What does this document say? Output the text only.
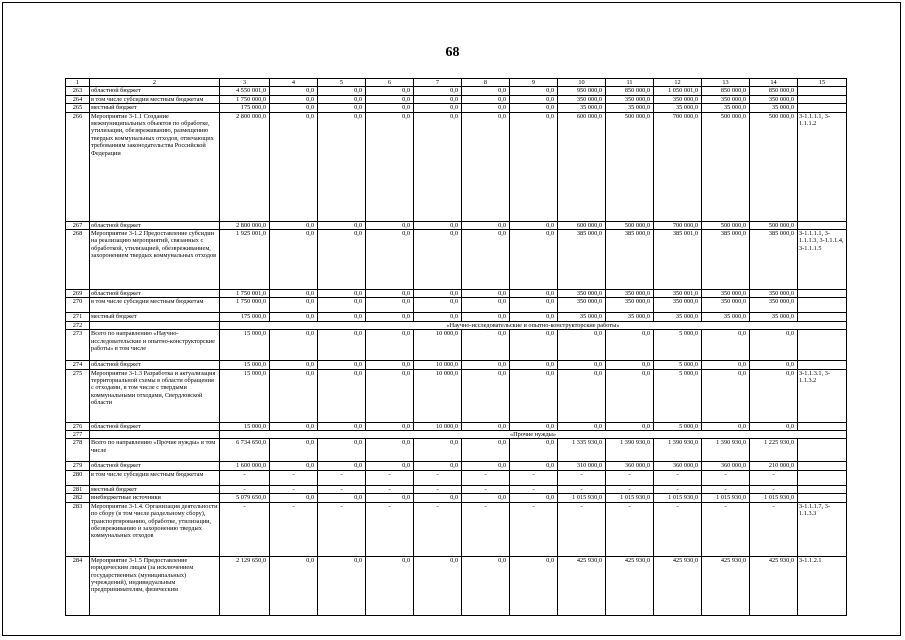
68
1	2	3	4	5	6	7	8	9	10	11	12	13	14	15
263	областной бюджет	4 550 001,0	0,0	0,0	0,0	0,0	0,0	0,0	950 000,0	850 000,0	1 050 001,0	850 000,0	850 000,0	
264	в том числе субсидии местным бюджетам	1 750 000,0	0,0	0,0	0,0	0,0	0,0	0,0	350 000,0	350 000,0	350 000,0	350 000,0	350 000,0	
265	местный бюджет	175 000,0	0,0	0,0	0,0	0,0	0,0	0,0	35 000,0	35 000,0	35 000,0	35 000,0	35 000,0	
266	Мероприятие 3-1.1 Создание межмуниципальных объектов по обработке, утилизации, обезвреживанию, размещению твердых коммунальных отходов, отвечающих требованиям законодательства Российской Федерации	2 800 000,0	0,0	0,0	0,0	0,0	0,0	0,0	600 000,0	500 000,0	700 000,0	500 000,0	500 000,0	3-1.1.1.1, 3-1.1.1.2
267	областной бюджет	2 800 000,0	0,0	0,0	0,0	0,0	0,0	0,0	600 000,0	500 000,0	700 000,0	500 000,0	500 000,0	
268	Мероприятие 3-1.2 Предоставление субсидии на реализацию мероприятий, связанных с обработкой, утилизацией, обезвреживанием, захоронением твердых коммунальных отходов	1 925 001,0	0,0	0,0	0,0	0,0	0,0	0,0	385 000,0	385 000,0	385 001,0	385 000,0	385 000,0	3-1.1.1.1, 3-1.1.1.3, 3-1.1.1.4, 3-1.1.1.5
269	областной бюджет	1 750 001,0	0,0	0,0	0,0	0,0	0,0	0,0	350 000,0	350 000,0	350 001,0	350 000,0	350 000,0	
270	в том числе субсидии местным бюджетам	1 750 000,0	0,0	0,0	0,0	0,0	0,0	0,0	350 000,0	350 000,0	350 000,0	350 000,0	350 000,0	
271	местный бюджет	175 000,0	0,0	0,0	0,0	0,0	0,0	0,0	35 000,0	35 000,0	35 000,0	35 000,0	35 000,0	
272		«Научно-исследовательские и опытно-конструкторские работы»												
273	Всего по направлению «Научно-исследовательские и опытно-конструкторские работы» в том числе	15 000,0	0,0	0,0	0,0	10 000,0	0,0	0,0	0,0	0,0	5 000,0	0,0	0,0	
274	областной бюджет	15 000,0	0,0	0,0	0,0	10 000,0	0,0	0,0	0,0	0,0	5 000,0	0,0	0,0	
275	Мероприятие 3-1.3 Разработка и актуализация территориальной схемы в области обращения с отходами, в том числе с твердыми коммунальными отходами, Свердловской области	15 000,0	0,0	0,0	0,0	10 000,0	0,0	0,0	0,0	0,0	5 000,0	0,0	0,0	3-1.1.3.1, 3-1.1.3.2
276	областной бюджет	15 000,0	0,0	0,0	0,0	10 000,0	0,0	0,0	0,0	0,0	5 000,0	0,0	0,0	
277		«Прочие нужды»												
278	Всего по направлению «Прочие нужды» в том числе	6 734 650,0	0,0	0,0	0,0	0,0	0,0	0,0	1 335 930,0	1 390 930,0	1 390 930,0	1 390 930,0	1 225 930,0	
279	областной бюджет	1 600 000,0	0,0	0,0	0,0	0,0	0,0	0,0	310 000,0	360 000,0	360 000,0	360 000,0	210 000,0	
280	в том числе субсидии местным бюджетам	-	-	-	-	-	-	-	-	-	-	-	-	
281	местный бюджет	-	-	-	-	-	-	-	-	-	-	-	-	
282	внебюджетные источники	5 079 650,0	0,0	0,0	0,0	0,0	0,0	0,0	1 015 930,0	1 015 930,0	1 015 930,0	1 015 930,0	1 015 930,0	
283	Мероприятие 3-1.4. Организация деятельности по сбору (в том числе раздельному сбору), транспортированию, обработке, утилизации, обезвреживанию и захоронению твердых коммунальных отходов	-	-	-	-	-	-	-	-	-	-	-	-	3-1.1.1.7, 3-1.1.3.3
284	Мероприятие 3-1.5 Предоставление юридическим лицам (за исключением государственных (муниципальных) учреждений), индивидуальным предпринимателям, физическим	2 129 650,0	0,0	0,0	0,0	0,0	0,0	0,0	425 930,0	425 930,0	425 930,0	425 930,0	425 930,0	3-1.1.2.1
